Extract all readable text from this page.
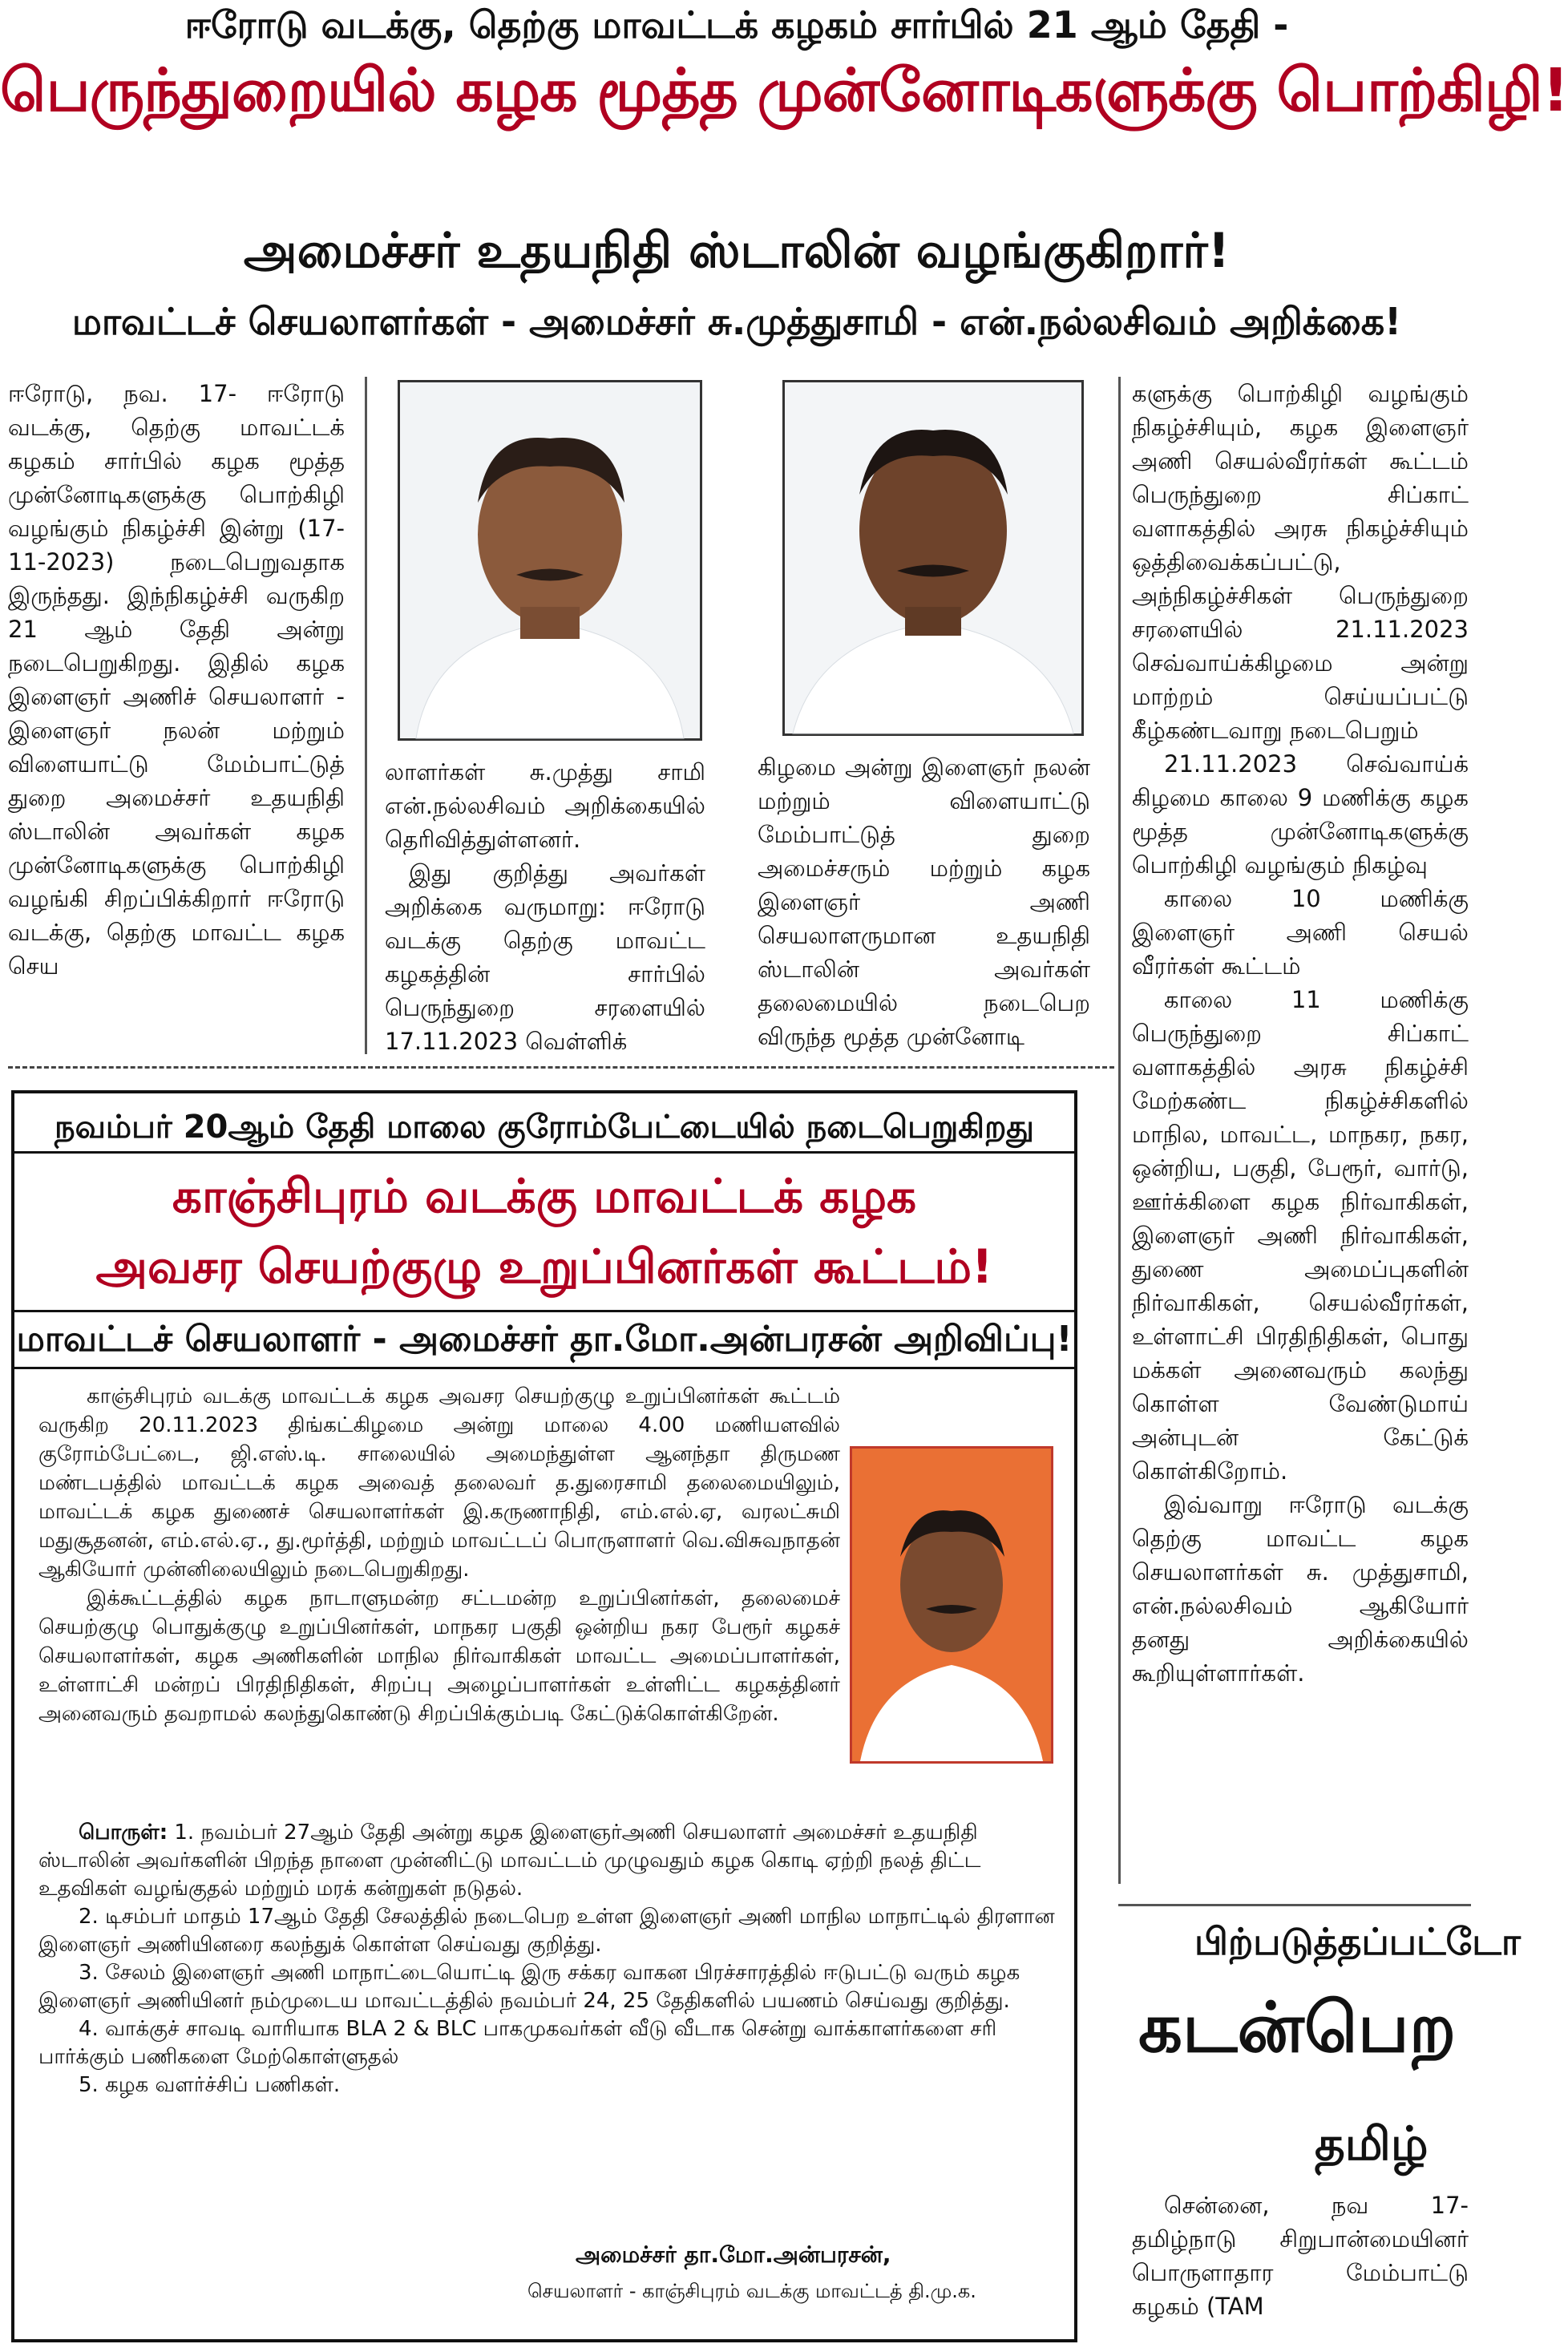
ஈரோடு வடக்கு, தெற்கு மாவட்டக் கழகம் சார்பில் 21 ஆம் தேதி -
பெருந்துறையில் கழக மூத்த முன்னோடிகளுக்கு பொற்கிழி!
அமைச்சர் உதயநிதி ஸ்டாலின் வழங்குகிறார்!
மாவட்டச் செயலாளர்கள் - அமைச்சர் சு.முத்துசாமி - என்.நல்லசிவம் அறிக்கை!

ஈரோடு, நவ. 17- ஈரோடு வடக்கு, தெற்கு மாவட்டக் கழகம் சார்பில் கழக மூத்த முன்னோடிகளுக்கு பொற்கிழி வழங்கும் நிகழ்ச்சி இன்று (17-11-2023) நடைபெறுவதாக இருந்தது. இந்நிகழ்ச்சி வருகிற 21 ஆம் தேதி அன்று நடைபெறுகிறது. இதில் கழக இளைஞர் அணிச் செயலாளர் - இளைஞர் நலன் மற்றும் விளையாட்டு மேம்பாட்டுத் துறை அமைச்சர் உதயநிதி ஸ்டாலின் அவர்கள் கழக முன்னோடிகளுக்கு பொற்கிழி வழங்கி சிறப்பிக்கிறார் ஈரோடு வடக்கு, தெற்கு மாவட்ட கழக செய

லாளர்கள் சு.முத்து சாமி என்.நல்லசிவம் அறிக்கையில் தெரிவித்துள்ளனர்.

இது குறித்து அவர்கள் அறிக்கை வருமாறு: ஈரோடு வடக்கு தெற்கு மாவட்ட கழகத்தின் சார்பில் பெருந்துறை சரளையில் 17.11.2023 வெள்ளிக்

கிழமை அன்று இளைஞர் நலன் மற்றும் விளையாட்டு மேம்பாட்டுத் துறை அமைச்சரும் மற்றும் கழக இளைஞர் அணி செயலாளருமான உதயநிதி ஸ்டாலின் அவர்கள் தலைமையில் நடைபெற விருந்த மூத்த முன்னோடி

களுக்கு பொற்கிழி வழங்கும் நிகழ்ச்சியும், கழக இளைஞர் அணி செயல்வீரர்கள் கூட்டம் பெருந்துறை சிப்காட் வளாகத்தில் அரசு நிகழ்ச்சியும் ஒத்திவைக்கப்பட்டு, அந்நிகழ்ச்சிகள் பெருந்துறை சரளையில் 21.11.2023 செவ்வாய்க்கிழமை அன்று மாற்றம் செய்யப்பட்டு கீழ்கண்டவாறு நடைபெறும்

21.11.2023 செவ்வாய்க் கிழமை காலை 9 மணிக்கு கழக மூத்த முன்னோடிகளுக்கு பொற்கிழி வழங்கும் நிகழ்வு

காலை 10 மணிக்கு இளைஞர் அணி செயல் வீரர்கள் கூட்டம்

காலை 11 மணிக்கு பெருந்துறை சிப்காட் வளாகத்தில் அரசு நிகழ்ச்சி மேற்கண்ட நிகழ்ச்சிகளில் மாநில, மாவட்ட, மாநகர, நகர, ஒன்றிய, பகுதி, பேரூர், வார்டு, ஊர்க்கிளை கழக நிர்வாகிகள், இளைஞர் அணி நிர்வாகிகள், துணை அமைப்புகளின் நிர்வாகிகள், செயல்வீரர்கள், உள்ளாட்சி பிரதிநிதிகள், பொது மக்கள் அனைவரும் கலந்து கொள்ள வேண்டுமாய் அன்புடன் கேட்டுக் கொள்கிறோம்.

இவ்வாறு ஈரோடு வடக்கு தெற்கு மாவட்ட கழக செயலாளர்கள் சு. முத்துசாமி, என்.நல்லசிவம் ஆகியோர் தனது அறிக்கையில் கூறியுள்ளார்கள்.

நவம்பர் 20ஆம் தேதி மாலை குரோம்பேட்டையில் நடைபெறுகிறது
காஞ்சிபுரம் வடக்கு மாவட்டக் கழக
அவசர செயற்குழு உறுப்பினர்கள் கூட்டம்!
மாவட்டச் செயலாளர் - அமைச்சர் தா.மோ.அன்பரசன் அறிவிப்பு!

காஞ்சிபுரம் வடக்கு மாவட்டக் கழக அவசர செயற்குழு உறுப்பினர்கள் கூட்டம் வருகிற 20.11.2023 திங்கட்கிழமை அன்று மாலை 4.00 மணியளவில் குரோம்பேட்டை, ஜி.எஸ்.டி. சாலையில் அமைந்துள்ள ஆனந்தா திருமண மண்டபத்தில் மாவட்டக் கழக அவைத் தலைவர் த.துரைசாமி தலைமையிலும், மாவட்டக் கழக துணைச் செயலாளர்கள் இ.கருணாநிதி, எம்.எல்.ஏ, வரலட்சுமி மதுசூதனன், எம்.எல்.ஏ., து.மூர்த்தி, மற்றும் மாவட்டப் பொருளாளர் வெ.விசுவநாதன் ஆகியோர் முன்னிலையிலும் நடைபெறுகிறது.

இக்கூட்டத்தில் கழக நாடாளுமன்ற சட்டமன்ற உறுப்பினர்கள், தலைமைச் செயற்குழு பொதுக்குழு உறுப்பினர்கள், மாநகர பகுதி ஒன்றிய நகர பேரூர் கழகச் செயலாளர்கள், கழக அணிகளின் மாநில நிர்வாகிகள் மாவட்ட அமைப்பாளர்கள், உள்ளாட்சி மன்றப் பிரதிநிதிகள், சிறப்பு அழைப்பாளர்கள் உள்ளிட்ட கழகத்தினர் அனைவரும் தவறாமல் கலந்துகொண்டு சிறப்பிக்கும்படி கேட்டுக்கொள்கிறேன்.

பொருள்: 1. நவம்பர் 27ஆம் தேதி அன்று கழக இளைஞர்அணி செயலாளர் அமைச்சர் உதயநிதி ஸ்டாலின் அவர்களின் பிறந்த நாளை முன்னிட்டு மாவட்டம் முழுவதும் கழக கொடி ஏற்றி நலத் திட்ட உதவிகள் வழங்குதல் மற்றும் மரக் கன்றுகள் நடுதல்.

2. டிசம்பர் மாதம் 17ஆம் தேதி சேலத்தில் நடைபெற உள்ள இளைஞர் அணி மாநில மாநாட்டில் திரளான இளைஞர் அணியினரை கலந்துக் கொள்ள செய்வது குறித்து.

3. சேலம் இளைஞர் அணி மாநாட்டையொட்டி இரு சக்கர வாகன பிரச்சாரத்தில் ஈடுபட்டு வரும் கழக இளைஞர் அணியினர் நம்முடைய மாவட்டத்தில் நவம்பர் 24, 25 தேதிகளில் பயணம் செய்வது குறித்து.

4. வாக்குச் சாவடி வாரியாக BLA 2 & BLC பாகமுகவர்கள் வீடு வீடாக சென்று வாக்காளர்களை சரி பார்க்கும் பணிகளை மேற்கொள்ளுதல்

5. கழக வளர்ச்சிப் பணிகள்.

அமைச்சர் தா.மோ.அன்பரசன்,
செயலாளர் - காஞ்சிபுரம் வடக்கு மாவட்டத் தி.மு.க.
பிற்படுத்தப்பட்டோ
கடன்பெற
தமிழ்

சென்னை, நவ 17- தமிழ்நாடு சிறுபான்மையினர் பொருளாதார மேம்பாட்டு கழகம் (TAM
